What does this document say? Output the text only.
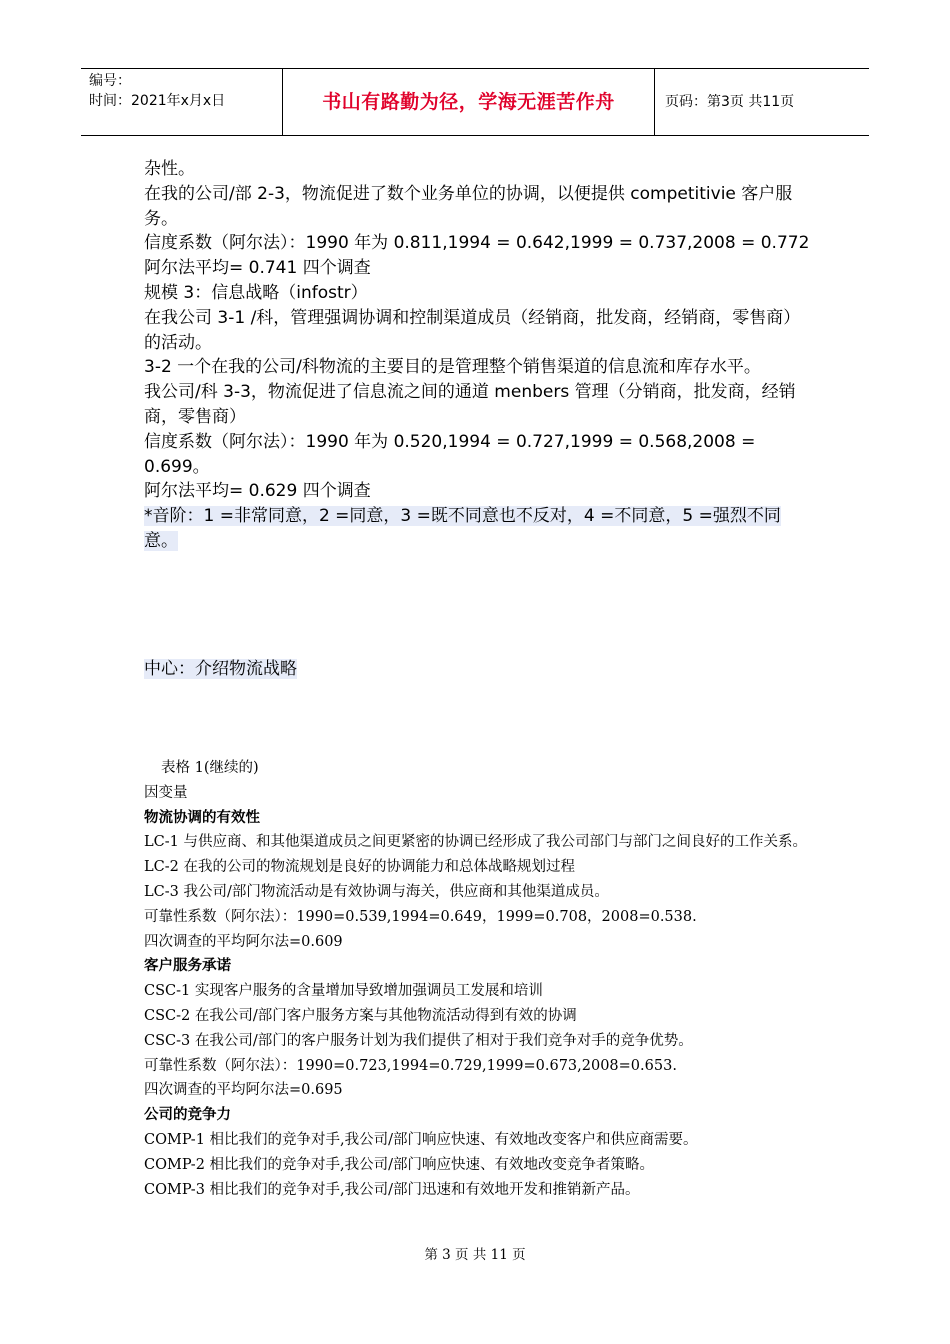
编号：
时间：2021年x月x日	书山有路勤为径，学海无涯苦作舟	页码：第3页 共11页

杂性。

在我的公司/部 2-3，物流促进了数个业务单位的协调，以便提供 competitivie 客户服务。

信度系数（阿尔法）：1990 年为 0.811,1994 = 0.642,1999 = 0.737,2008 = 0.772

阿尔法平均= 0.741 四个调查

规模 3：信息战略（infostr）

在我公司 3-1 /科，管理强调协调和控制渠道成员（经销商，批发商，经销商，零售商）的活动。

3-2 一个在我的公司/科物流的主要目的是管理整个销售渠道的信息流和库存水平。

我公司/科 3-3，物流促进了信息流之间的通道 menbers 管理（分销商，批发商，经销商，零售商）

信度系数（阿尔法）：1990 年为 0.520,1994 = 0.727,1999 = 0.568,2008 = 0.699。

阿尔法平均= 0.629 四个调查

*音阶：1 =非常同意，2 =同意，3 =既不同意也不反对，4 =不同意，5 =强烈不同意。

中心：介绍物流战略

表格 1(继续的)

因变量

物流协调的有效性

LC-1 与供应商、和其他渠道成员之间更紧密的协调已经形成了我公司部门与部门之间良好的工作关系。

LC-2 在我的公司的物流规划是良好的协调能力和总体战略规划过程

LC-3 我公司/部门物流活动是有效协调与海关，供应商和其他渠道成员。

可靠性系数（阿尔法）：1990=0.539,1994=0.649，1999=0.708，2008=0.538.

四次调查的平均阿尔法=0.609

客户服务承诺

CSC-1 实现客户服务的含量增加导致增加强调员工发展和培训

CSC-2 在我公司/部门客户服务方案与其他物流活动得到有效的协调

CSC-3 在我公司/部门的客户服务计划为我们提供了相对于我们竞争对手的竞争优势。

可靠性系数（阿尔法）：1990=0.723,1994=0.729,1999=0.673,2008=0.653.

四次调查的平均阿尔法=0.695

公司的竞争力

COMP-1 相比我们的竞争对手,我公司/部门响应快速、有效地改变客户和供应商需要。

COMP-2 相比我们的竞争对手,我公司/部门响应快速、有效地改变竞争者策略。

COMP-3 相比我们的竞争对手,我公司/部门迅速和有效地开发和推销新产品。

第 3 页 共 11 页
